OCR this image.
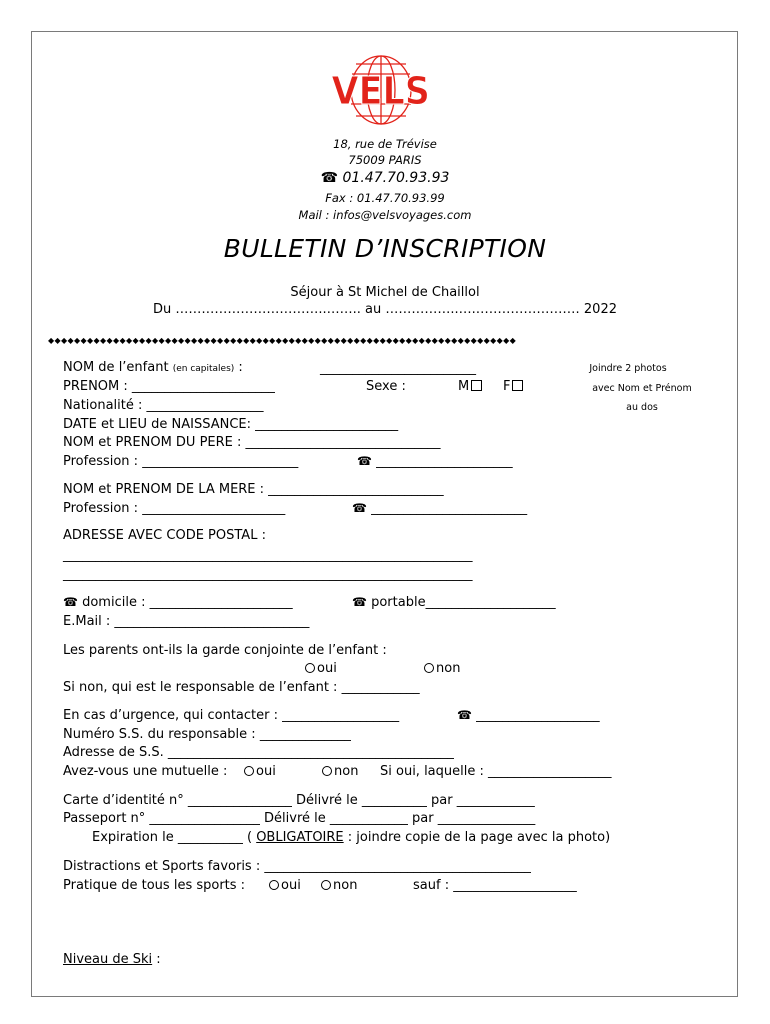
VELS
18, rue de Trévise
75009 PARIS
☎ 01.47.70.93.93
Fax : 01.47.70.93.99
Mail : infos@velsvoyages.com
BULLETIN D’INSCRIPTION
Séjour à St Michel de Chaillol
Du ……………………………..…….. au ……………..….…………………… 2022
◆◆◆◆◆◆◆◆◆◆◆◆◆◆◆◆◆◆◆◆◆◆◆◆◆◆◆◆◆◆◆◆◆◆◆◆◆◆◆◆◆◆◆◆◆◆◆◆◆◆◆◆◆◆◆◆◆◆◆◆◆◆◆◆◆◆◆◆◆◆◆◆
Joindre 2 photos
avec Nom et Prénom
au dos
NOM de l’enfant (en capitales) :	________________________
PRENOM : ______________________	Sexe :	M	F
Nationalité : __________________
DATE et LIEU de NAISSANCE: ______________________
NOM et PRENOM DU PERE : ______________________________
Profession : ________________________	☎ _____________________
NOM et PRENOM DE LA MERE : ___________________________
Profession : ______________________	☎ ________________________
ADRESSE AVEC CODE POSTAL :
_______________________________________________________________
_______________________________________________________________
☎ domicile : ______________________	☎ portable____________________
E.Mail : ______________________________
Les parents ont-ils la garde conjointe de l’enfant :
oui	non
Si non, qui est le responsable de l’enfant : ____________
En cas d’urgence, qui contacter : __________________	☎ ___________________
Numéro S.S. du responsable : ______________
Adresse de S.S. ____________________________________________
Avez-vous une mutuelle :	oui	non Si oui, laquelle : ___________________
Carte d’identité n° ________________ Délivré le __________ par ____________
Passeport n° _________________ Délivré le ____________ par _______________
Expiration le __________ ( OBLIGATOIRE : joindre copie de la page avec la photo)
Distractions et Sports favoris : _________________________________________
Pratique de tous les sports :	oui	non	sauf : ___________________
Niveau de Ski :
